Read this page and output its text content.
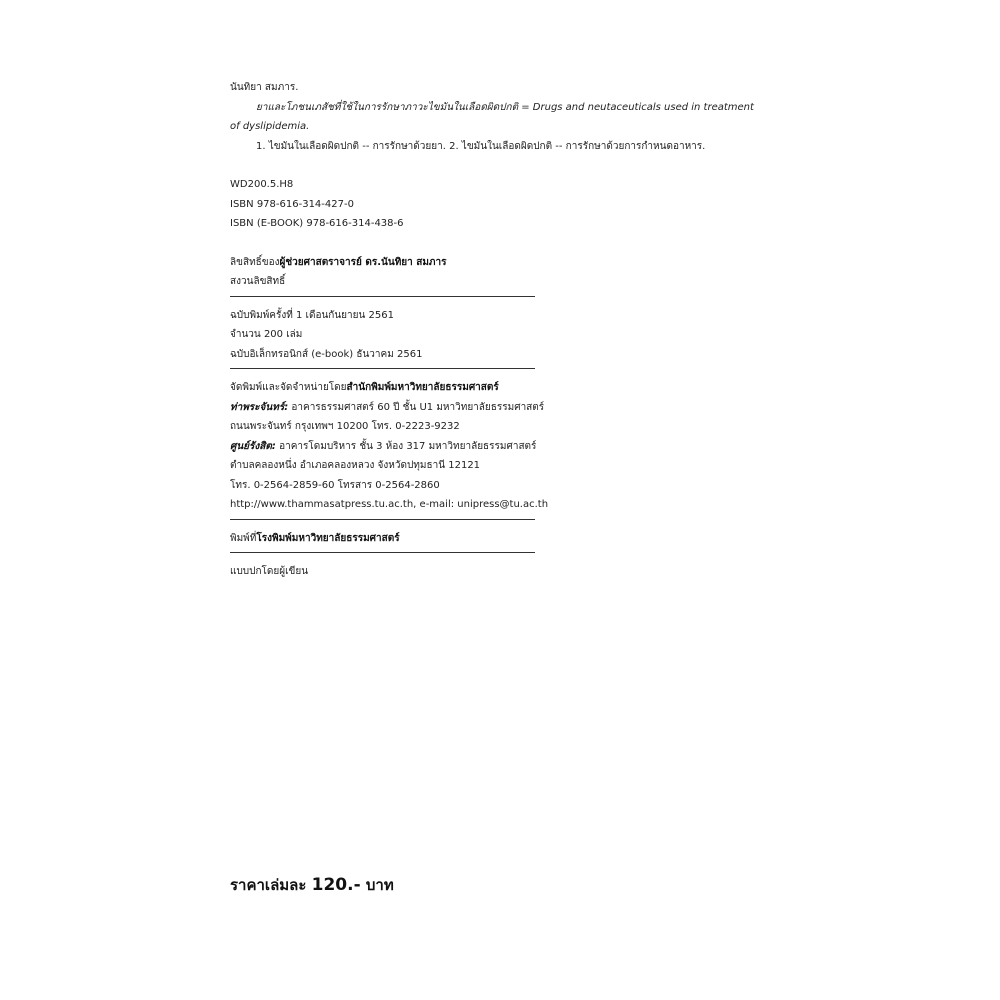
นันทิยา สมภาร.
ยาและโภชนเภสัชที่ใช้ในการรักษาภาวะไขมันในเลือดผิดปกติ = Drugs and neutaceuticals used in treatment
of dyslipidemia.
1. ไขมันในเลือดผิดปกติ -- การรักษาด้วยยา. 2. ไขมันในเลือดผิดปกติ -- การรักษาด้วยการกำหนดอาหาร.
WD200.5.H8
ISBN 978-616-314-427-0
ISBN (E-BOOK) 978-616-314-438-6
ลิขสิทธิ์ของผู้ช่วยศาสตราจารย์ ดร.นันทิยา สมภาร
สงวนลิขสิทธิ์
ฉบับพิมพ์ครั้งที่ 1 เดือนกันยายน 2561
จำนวน 200 เล่ม
ฉบับอิเล็กทรอนิกส์ (e-book) ธันวาคม 2561
จัดพิมพ์และจัดจำหน่ายโดยสำนักพิมพ์มหาวิทยาลัยธรรมศาสตร์
ท่าพระจันทร์: อาคารธรรมศาสตร์ 60 ปี ชั้น U1 มหาวิทยาลัยธรรมศาสตร์
ถนนพระจันทร์ กรุงเทพฯ 10200 โทร. 0-2223-9232
ศูนย์รังสิต: อาคารโดมบริหาร ชั้น 3 ห้อง 317 มหาวิทยาลัยธรรมศาสตร์
ตำบลคลองหนึ่ง อำเภอคลองหลวง จังหวัดปทุมธานี 12121
โทร. 0-2564-2859-60 โทรสาร 0-2564-2860
http://www.thammasatpress.tu.ac.th, e-mail: unipress@tu.ac.th
พิมพ์ที่โรงพิมพ์มหาวิทยาลัยธรรมศาสตร์
แบบปกโดยผู้เขียน
ราคาเล่มละ 120.- บาท
